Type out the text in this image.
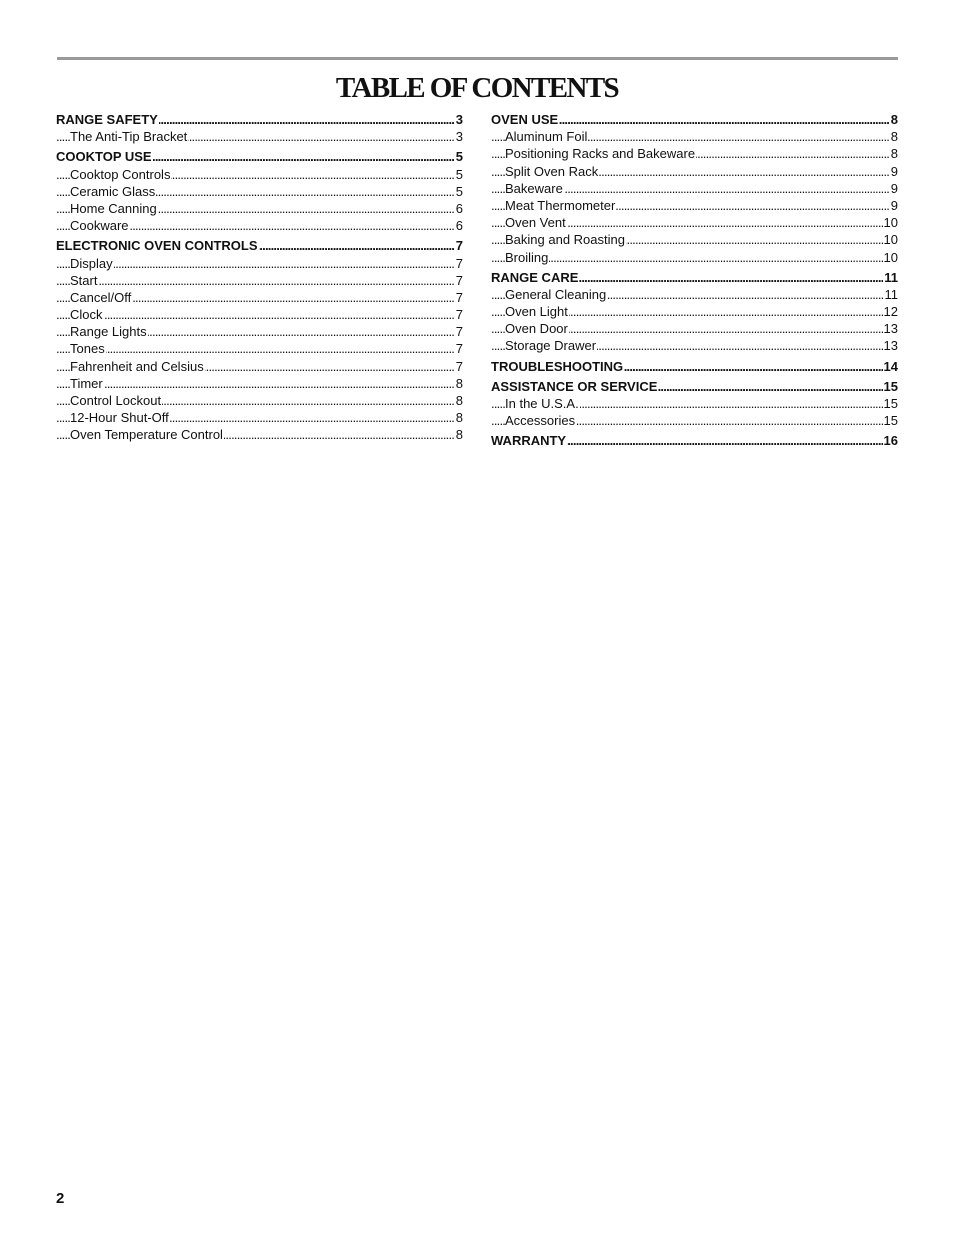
TABLE OF CONTENTS
RANGE SAFETY	3
. . .
The Anti-Tip Bracket	3
. . .
COOKTOP USE	5
. . .
Cooktop Controls	5
. . .
Ceramic Glass	5
. . .
Home Canning	6
. . .
Cookware	6
. . .
ELECTRONIC OVEN CONTROLS	7
. . .
Display	7
. . .
Start	7
. . .
Cancel/Off	7
. . .
Clock	7
. . .
Range Lights	7
. . .
Tones	7
. . .
Fahrenheit and Celsius	7
. . .
Timer	8
. . .
Control Lockout	8
. . .
12-Hour Shut-Off	8
. . .
Oven Temperature Control	8
. . .
OVEN USE	8
. . .
Aluminum Foil	8
. . .
Positioning Racks and Bakeware	8
. . .
Split Oven Rack	9
. . .
Bakeware	9
. . .
Meat Thermometer	9
. . .
Oven Vent	10
. . .
Baking and Roasting	10
. . .
Broiling	10
. . .
RANGE CARE	11
. . .
General Cleaning	11
. . .
Oven Light	12
. . .
Oven Door	13
. . .
Storage Drawer	13
. . .
TROUBLESHOOTING	14
. . .
ASSISTANCE OR SERVICE	15
. . .
In the U.S.A.	15
. . .
Accessories	15
. . .
WARRANTY	16
. . .
2
